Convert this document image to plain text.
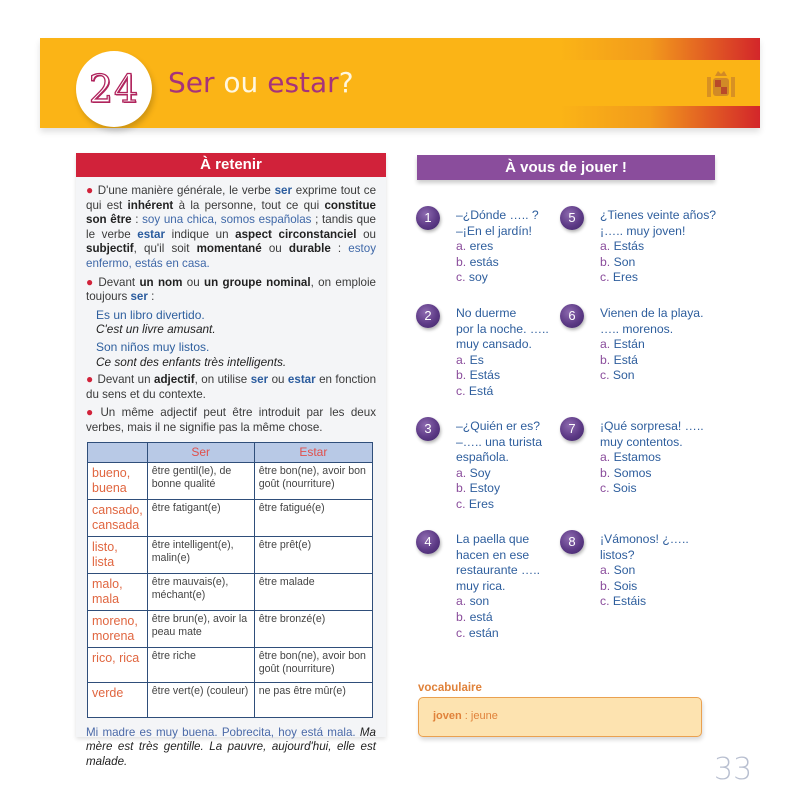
24 Ser ou estar?
À retenir
● D'une manière générale, le verbe ser exprime tout ce qui est inhérent à la personne, tout ce qui constitue son être : soy una chica, somos españolas ; tandis que le verbe estar indique un aspect circonstanciel ou subjectif, qu'il soit momentané ou durable : estoy enfermo, estás en casa.
● Devant un nom ou un groupe nominal, on emploie toujours ser :
Es un libro divertido.
C'est un livre amusant.
Son niños muy listos.
Ce sont des enfants très intelligents.
● Devant un adjectif, on utilise ser ou estar en fonction du sens et du contexte.
● Un même adjectif peut être introduit par les deux verbes, mais il ne signifie pas la même chose.
	Ser	Estar
bueno, buena	être gentil(le), de bonne qualité	être bon(ne), avoir bon goût (nourriture)
cansado, cansada	être fatigant(e)	être fatigué(e)
listo, lista	être intelligent(e), malin(e)	être prêt(e)
malo, mala	être mauvais(e), méchant(e)	être malade
moreno, morena	être brun(e), avoir la peau mate	être bronzé(e)
rico, rica	être riche	être bon(ne), avoir bon goût (nourriture)
verde	être vert(e) (couleur)	ne pas être mûr(e)
Mi madre es muy buena. Pobrecita, hoy está mala. Ma mère est très gentille. La pauvre, aujourd'hui, elle est malade.
À vous de jouer !
1	–¿Dónde ….. ?
–¡En el jardín!
a. eres
b. estás
c. soy
2	No duerme
por la noche. …..
muy cansado.
a. Es
b. Estás
c. Está
3	–¿Quién er es?
–….. una turista
española.
a. Soy
b. Estoy
c. Eres
4	La paella que
hacen en ese
restaurante …..
muy rica.
a. son
b. está
c. están
5	¿Tienes veinte años?
¡….. muy joven!
a. Estás
b. Son
c. Eres
6	Vienen de la playa.
….. morenos.
a. Están
b. Está
c. Son
7	¡Qué sorpresa! …..
muy contentos.
a. Estamos
b. Somos
c. Sois
8	¡Vámonos! ¿…..
listos?
a. Son
b. Sois
c. Estáis
vocabulaire
joven : jeune
33
